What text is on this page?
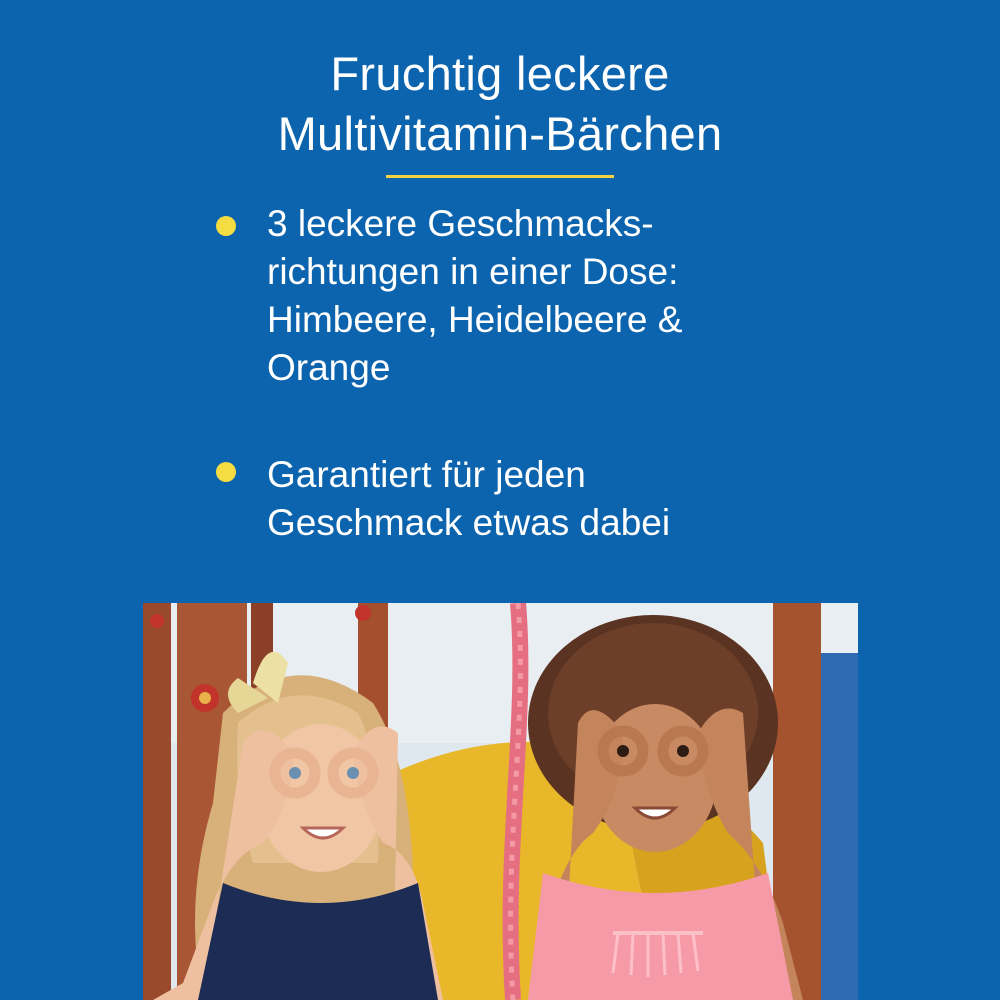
Fruchtig leckere
Multivitamin-Bärchen
3 leckere Geschmacks-
richtungen in einer Dose:
Himbeere, Heidelbeere &
Orange
Garantiert für jeden
Geschmack etwas dabei
